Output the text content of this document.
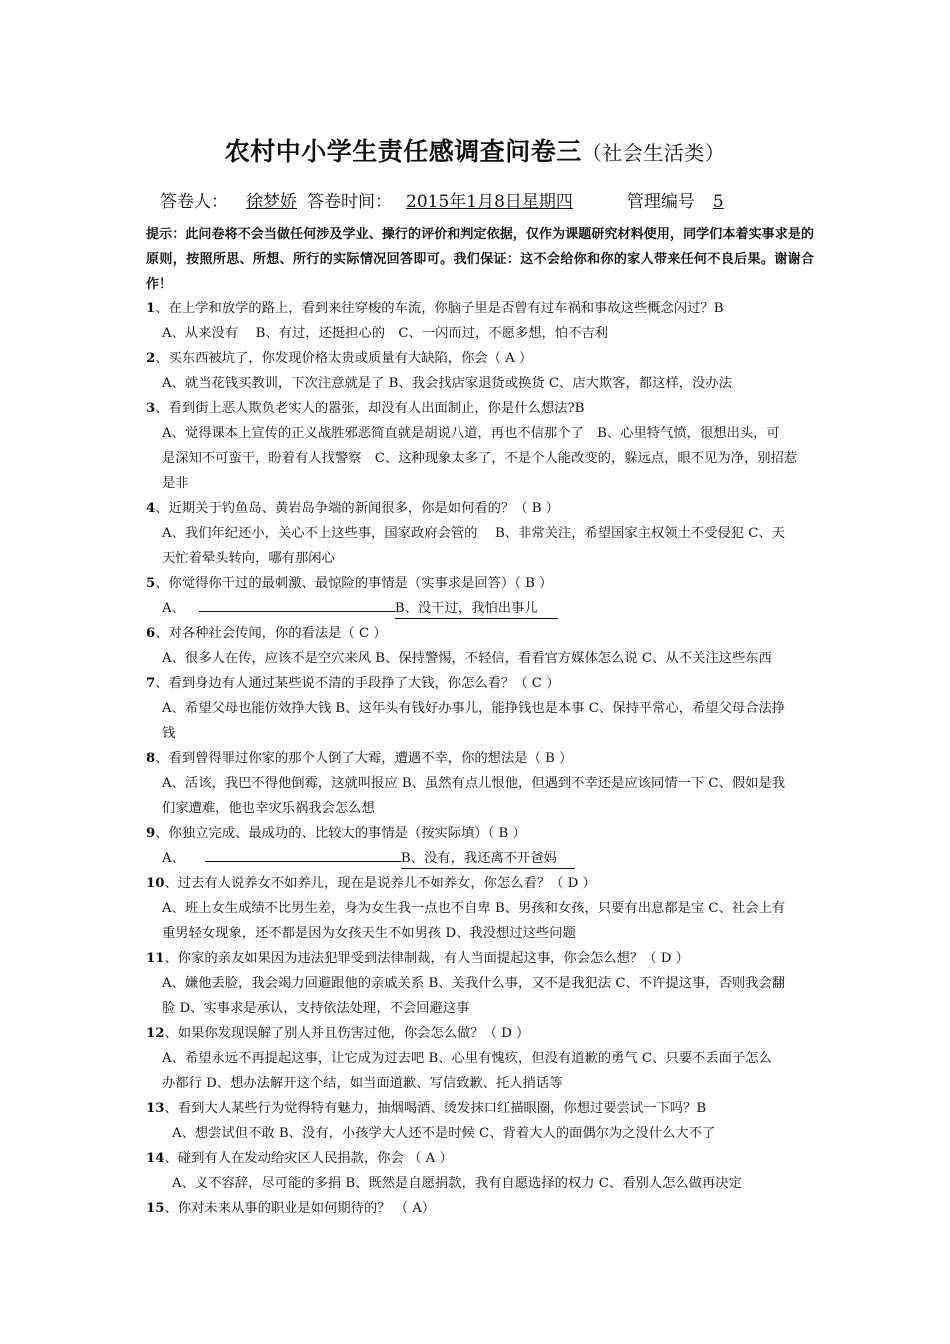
农村中小学生责任感调查问卷三（社会生活类）
答卷人： 徐梦娇 答卷时间： 2015年1月8日星期四	管理编号 5
提示：此问卷将不会当做任何涉及学业、操行的评价和判定依据，仅作为课题研究材料使用，同学们本着实事求是的原则，按照所思、所想、所行的实际情况回答即可。我们保证：这不会给你和你的家人带来任何不良后果。谢谢合作！
1、在上学和放学的路上，看到来往穿梭的车流，你脑子里是否曾有过车祸和事故这些概念闪过？B
A、从来没有　 B、有过，还挺担心的　C、一闪而过，不愿多想，怕不吉利
2、买东西被坑了，你发现价格太贵或质量有大缺陷，你会（ A ）
A、就当花钱买教训，下次注意就是了 B、我会找店家退货或换货 C、店大欺客，都这样，没办法
3、看到街上恶人欺负老实人的嚣张，却没有人出面制止，你是什么想法?B
A、觉得课本上宣传的正义战胜邪恶简直就是胡说八道，再也不信那个了　B、心里特气愤，很想出头，可
是深知不可蛮干，盼着有人找警察　C、这种现象太多了，不是个人能改变的，躲远点，眼不见为净，别招惹
是非
4、近期关于钓鱼岛、黄岩岛争端的新闻很多，你是如何看的？（ B ）
A、我们年纪还小，关心不上这些事，国家政府会管的　 B、非常关注，希望国家主权领土不受侵犯 C、天
天忙着晕头转向，哪有那闲心
5、你觉得你干过的最刺激、最惊险的事情是（实事求是回答）（ B ）
A、	B、没干过，我怕出事儿
6、对各种社会传闻，你的看法是（ C ）
A、很多人在传，应该不是空穴来风 B、保持警惕，不轻信，看看官方媒体怎么说 C、从不关注这些东西
7、看到身边有人通过某些说不清的手段挣了大钱，你怎么看？（ C ）
A、希望父母也能仿效挣大钱 B、这年头有钱好办事儿，能挣钱也是本事 C、保持平常心，希望父母合法挣
钱
8、看到曾得罪过你家的那个人倒了大霉，遭遇不幸，你的想法是（ B ）
A、活该，我巴不得他倒霉，这就叫报应 B、虽然有点儿恨他，但遇到不幸还是应该同情一下 C、假如是我
们家遭难，他也幸灾乐祸我会怎么想
9、你独立完成、最成功的、比较大的事情是（按实际填）（ B ）
A、	B、没有，我还离不开爸妈
10、过去有人说养女不如养儿，现在是说养儿不如养女，你怎么看？（ D ）
A、班上女生成绩不比男生差，身为女生我一点也不自卑 B、男孩和女孩，只要有出息都是宝 C、社会上有
重男轻女现象，还不都是因为女孩天生不如男孩 D、我没想过这些问题
11、你家的亲友如果因为违法犯罪受到法律制裁，有人当面提起这事，你会怎么想？（ D ）
A、嫌他丢脸，我会竭力回避跟他的亲戚关系 B、关我什么事，又不是我犯法 C、不许提这事，否则我会翻
脸 D、实事求是承认，支持依法处理，不会回避这事
12、如果你发现误解了别人并且伤害过他，你会怎么做？（ D ）
A、希望永远不再提起这事，让它成为过去吧 B、心里有愧疚，但没有道歉的勇气 C、只要不丢面子怎么
办都行 D、想办法解开这个结，如当面道歉、写信致歉、托人捎话等
13、看到大人某些行为觉得特有魅力，抽烟喝酒、烫发抹口红描眼圈，你想过要尝试一下吗？B
A、想尝试但不敢 B、没有，小孩学大人还不是时候 C、背着大人的面偶尔为之没什么大不了
14、碰到有人在发动给灾区人民捐款，你会 （ A ）
A、义不容辞，尽可能的多捐 B、既然是自愿捐款，我有自愿选择的权力 C、看别人怎么做再决定
15、你对未来从事的职业是如何期待的？ （ A）
